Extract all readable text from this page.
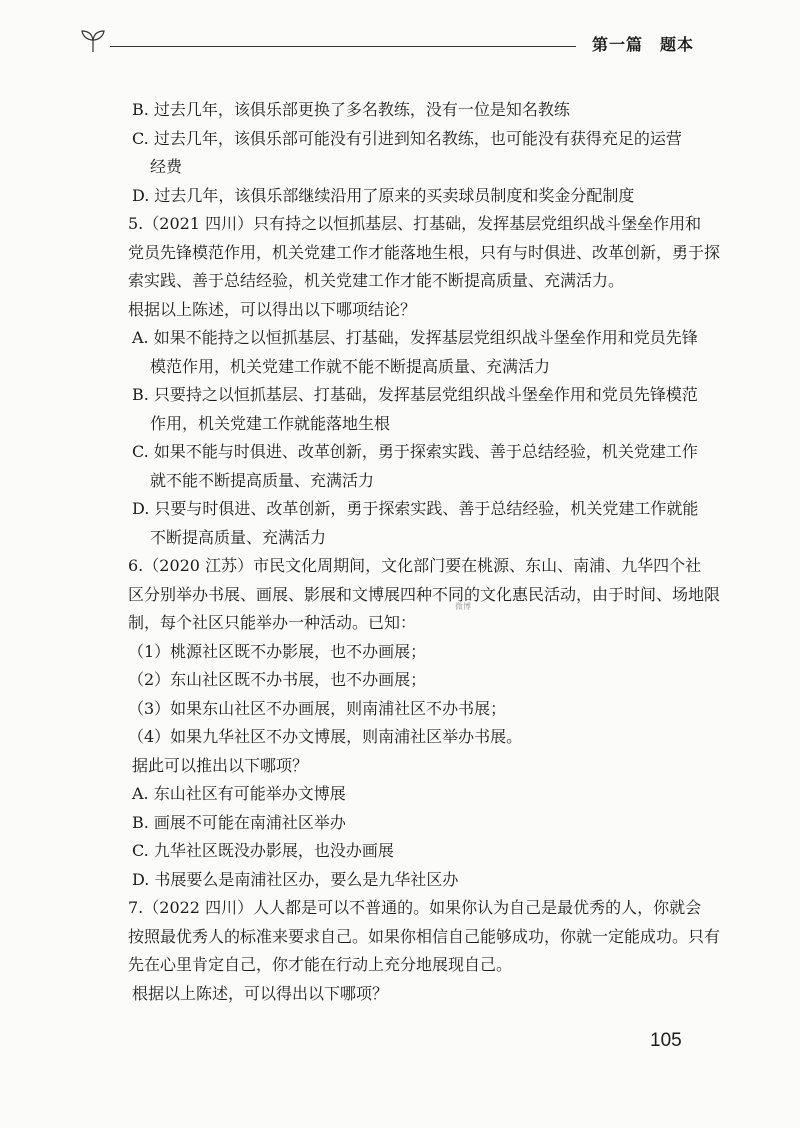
第一篇　题本
B. 过去几年，该俱乐部更换了多名教练，没有一位是知名教练
C. 过去几年，该俱乐部可能没有引进到知名教练，也可能没有获得充足的运营
经费
D. 过去几年，该俱乐部继续沿用了原来的买卖球员制度和奖金分配制度
5.（2021 四川）只有持之以恒抓基层、打基础，发挥基层党组织战斗堡垒作用和
党员先锋模范作用，机关党建工作才能落地生根，只有与时俱进、改革创新，勇于探
索实践、善于总结经验，机关党建工作才能不断提高质量、充满活力。
根据以上陈述，可以得出以下哪项结论？
A. 如果不能持之以恒抓基层、打基础，发挥基层党组织战斗堡垒作用和党员先锋
模范作用，机关党建工作就不能不断提高质量、充满活力
B. 只要持之以恒抓基层、打基础，发挥基层党组织战斗堡垒作用和党员先锋模范
作用，机关党建工作就能落地生根
C. 如果不能与时俱进、改革创新，勇于探索实践、善于总结经验，机关党建工作
就不能不断提高质量、充满活力
D. 只要与时俱进、改革创新，勇于探索实践、善于总结经验，机关党建工作就能
不断提高质量、充满活力
6.（2020 江苏）市民文化周期间，文化部门要在桃源、东山、南浦、九华四个社
区分别举办书展、画展、影展和文博展四种不同的文化惠民活动，由于时间、场地限
制，每个社区只能举办一种活动。已知：
（1）桃源社区既不办影展，也不办画展；
（2）东山社区既不办书展，也不办画展；
（3）如果东山社区不办画展，则南浦社区不办书展；
（4）如果九华社区不办文博展，则南浦社区举办书展。
据此可以推出以下哪项？
A. 东山社区有可能举办文博展
B. 画展不可能在南浦社区举办
C. 九华社区既没办影展，也没办画展
D. 书展要么是南浦社区办，要么是九华社区办
7.（2022 四川）人人都是可以不普通的。如果你认为自己是最优秀的人，你就会
按照最优秀人的标准来要求自己。如果你相信自己能够成功，你就一定能成功。只有
先在心里肯定自己，你才能在行动上充分地展现自己。
根据以上陈述，可以得出以下哪项？
微博
105
